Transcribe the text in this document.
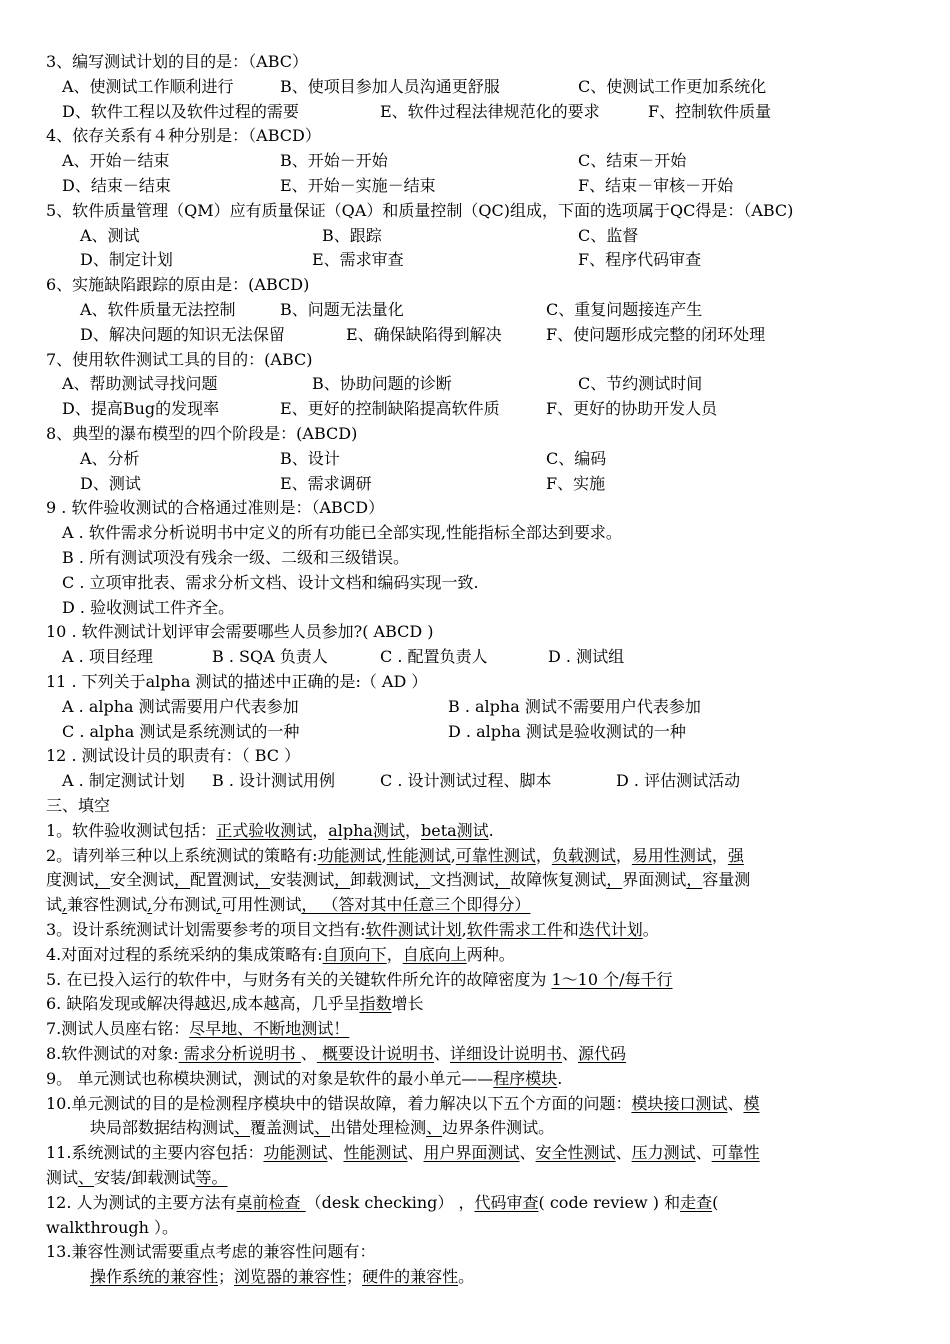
3、编写测试计划的目的是：（ABC）
A、使测试工作顺利进行	B、使项目参加人员沟通更舒服	C、使测试工作更加系统化
D、软件工程以及软件过程的需要	E、软件过程法律规范化的要求	F、控制软件质量
4、依存关系有４种分别是：（ABCD）
A、开始－结束	B、开始－开始	C、结束－开始
D、结束－结束	E、开始－实施－结束	F、结束－审核－开始
5、软件质量管理（QM）应有质量保证（QA）和质量控制（QC)组成，下面的选项属于QC得是：（ABC)
A、测试	B、跟踪	C、监督
D、制定计划	E、需求审查	F、程序代码审查
6、实施缺陷跟踪的原由是：(ABCD)
A、软件质量无法控制	B、问题无法量化	C、重复问题接连产生
D、解决问题的知识无法保留	E、确保缺陷得到解决	F、使问题形成完整的闭环处理
7、使用软件测试工具的目的：(ABC)
A、帮助测试寻找问题	B、协助问题的诊断	C、节约测试时间
D、提高Bug的发现率	E、更好的控制缺陷提高软件质	F、更好的协助开发人员
8、典型的瀑布模型的四个阶段是：(ABCD)
A、分析	B、设计	C、编码
D、测试	E、需求调研	F、实施
9 . 软件验收测试的合格通过准则是：（ABCD）
A . 软件需求分析说明书中定义的所有功能已全部实现,性能指标全部达到要求。
B . 所有测试项没有残余一级、二级和三级错误。
C . 立项审批表、需求分析文档、设计文档和编码实现一致.
D . 验收测试工件齐全。
10 . 软件测试计划评审会需要哪些人员参加?( ABCD )
A . 项目经理	B . SQA 负责人	C . 配置负责人	D . 测试组
11 . 下列关于alpha 测试的描述中正确的是:（ AD ）
A . alpha 测试需要用户代表参加	B . alpha 测试不需要用户代表参加
C . alpha 测试是系统测试的一种	D . alpha 测试是验收测试的一种
12 . 测试设计员的职责有：（ BC ）
A . 制定测试计划 B . 设计测试用例	C . 设计测试过程、脚本	D . 评估测试活动
三、填空
1。软件验收测试包括：正式验收测试，alpha测试，beta测试.
2。请列举三种以上系统测试的策略有:功能测试,性能测试,可靠性测试，负载测试，易用性测试，强
度测试，安全测试，配置测试，安装测试，卸载测试，文挡测试，故障恢复测试，界面测试，容量测
试,兼容性测试,分布测试,可用性测试， （答对其中任意三个即得分）
3。设计系统测试计划需要参考的项目文挡有:软件测试计划,软件需求工件和迭代计划。
4.对面对过程的系统采纳的集成策略有:自顶向下，自底向上两种。
5. 在已投入运行的软件中，与财务有关的关键软件所允许的故障密度为 1～10 个/每千行
6. 缺陷发现或解决得越迟,成本越高，几乎呈指数增长
7.测试人员座右铭：尽早地、不断地测试！
8.软件测试的对象: 需求分析说明书 、 概要设计说明书、详细设计说明书、源代码
9。 单元测试也称模块测试，测试的对象是软件的最小单元——程序模块.
10.单元测试的目的是检测程序模块中的错误故障，着力解决以下五个方面的问题：模块接口测试、模
块局部数据结构测试、覆盖测试、出错处理检测、边界条件测试。
11.系统测试的主要内容包括：功能测试、性能测试、用户界面测试、安全性测试、压力测试、可靠性
测试、安装/卸载测试等。
12. 人为测试的主要方法有桌前检查 （desk checking） ，代码审查( code review ) 和走查(
walkthrough ）。
13.兼容性测试需要重点考虑的兼容性问题有：
操作系统的兼容性；浏览器的兼容性；硬件的兼容性。
